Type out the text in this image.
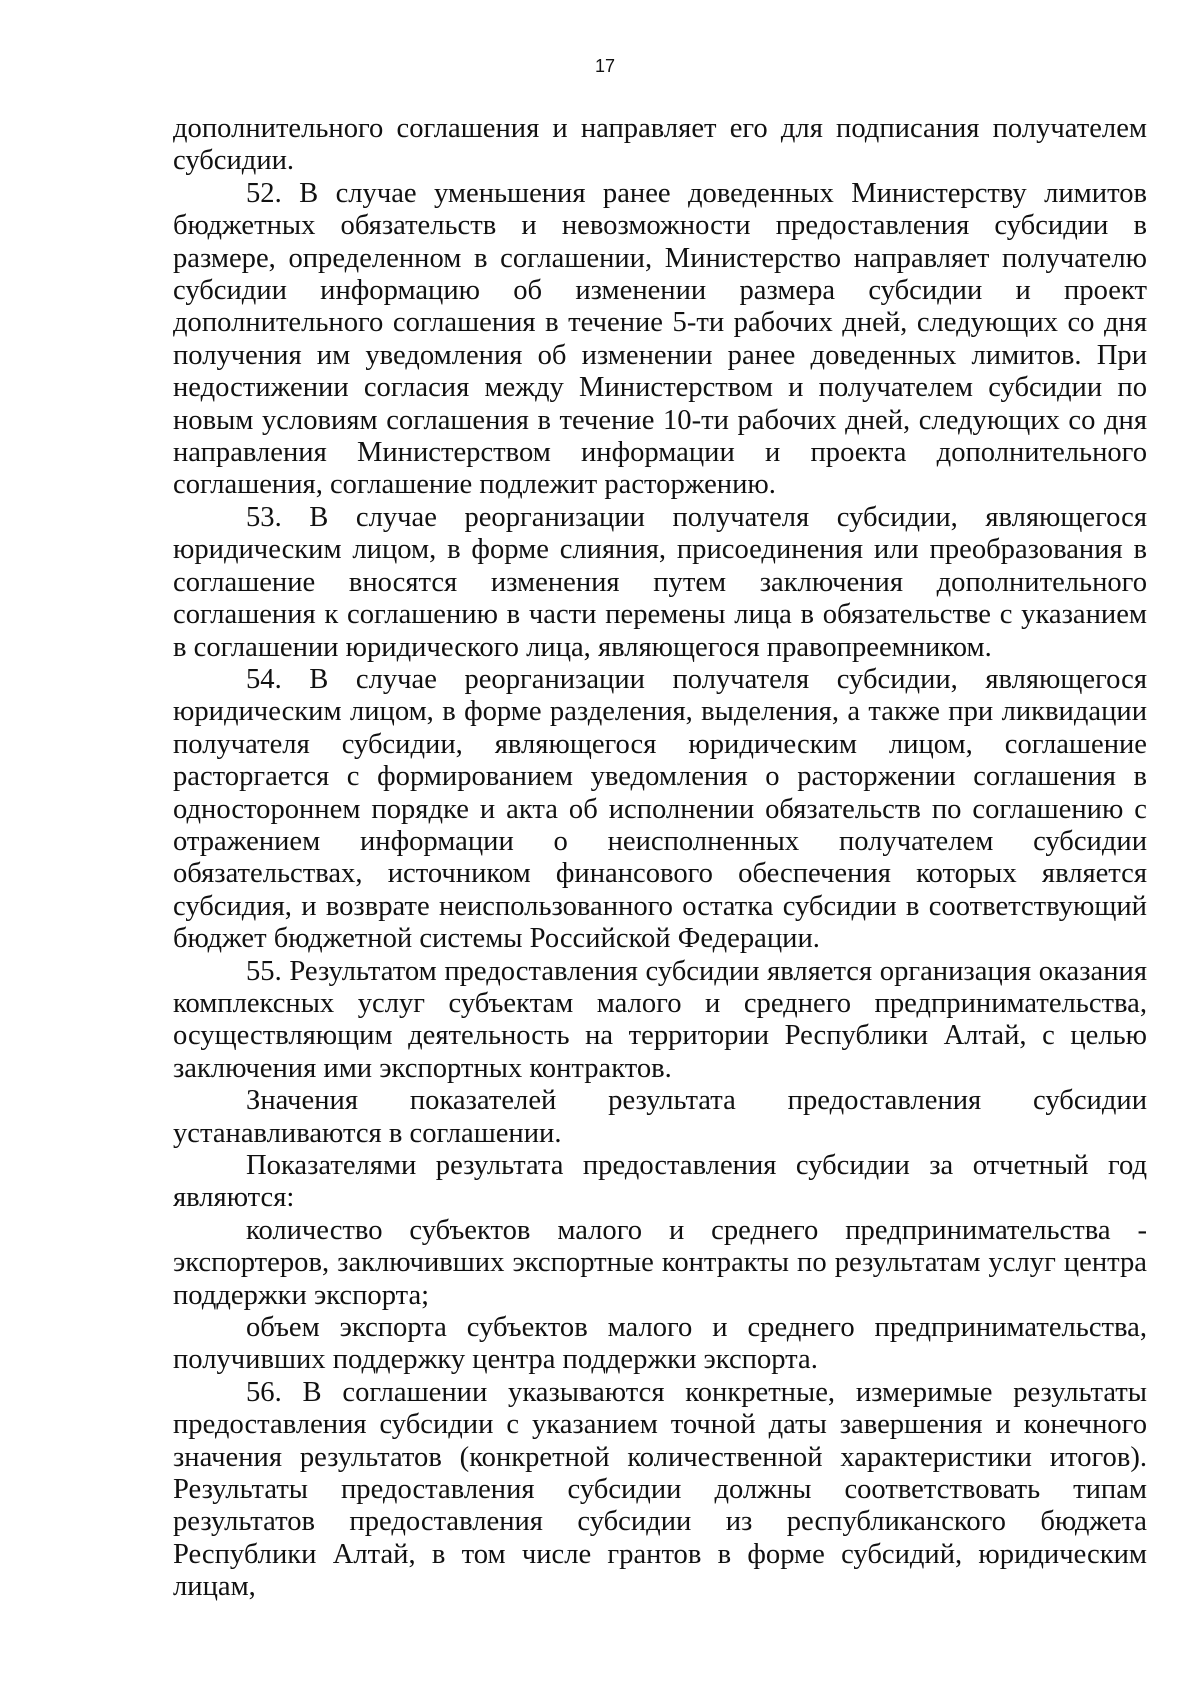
17

дополнительного соглашения и направляет его для подписания получателем субсидии.

52. В случае уменьшения ранее доведенных Министерству лимитов бюджетных обязательств и невозможности предоставления субсидии в размере, определенном в соглашении, Министерство направляет получателю субсидии информацию об изменении размера субсидии и проект дополнительного соглашения в течение 5-ти рабочих дней, следующих со дня получения им уведомления об изменении ранее доведенных лимитов. При недостижении согласия между Министерством и получателем субсидии по новым условиям соглашения в течение 10-ти рабочих дней, следующих со дня направления Министерством информации и проекта дополнительного соглашения, соглашение подлежит расторжению.

53. В случае реорганизации получателя субсидии, являющегося юридическим лицом, в форме слияния, присоединения или преобразования в соглашение вносятся изменения путем заключения дополнительного соглашения к соглашению в части перемены лица в обязательстве с указанием в соглашении юридического лица, являющегося правопреемником.

54. В случае реорганизации получателя субсидии, являющегося юридическим лицом, в форме разделения, выделения, а также при ликвидации получателя субсидии, являющегося юридическим лицом, соглашение расторгается с формированием уведомления о расторжении соглашения в одностороннем порядке и акта об исполнении обязательств по соглашению с отражением информации о неисполненных получателем субсидии обязательствах, источником финансового обеспечения которых является субсидия, и возврате неиспользованного остатка субсидии в соответствующий бюджет бюджетной системы Российской Федерации.

55. Результатом предоставления субсидии является организация оказания комплексных услуг субъектам малого и среднего предпринимательства, осуществляющим деятельность на территории Республики Алтай, с целью заключения ими экспортных контрактов.

Значения показателей результата предоставления субсидии устанавливаются в соглашении.

Показателями результата предоставления субсидии за отчетный год являются:

количество субъектов малого и среднего предпринимательства - экспортеров, заключивших экспортные контракты по результатам услуг центра поддержки экспорта;

объем экспорта субъектов малого и среднего предпринимательства, получивших поддержку центра поддержки экспорта.

56. В соглашении указываются конкретные, измеримые результаты предоставления субсидии с указанием точной даты завершения и конечного значения результатов (конкретной количественной характеристики итогов). Результаты предоставления субсидии должны соответствовать типам результатов предоставления субсидии из республиканского бюджета Республики Алтай, в том числе грантов в форме субсидий, юридическим лицам,
